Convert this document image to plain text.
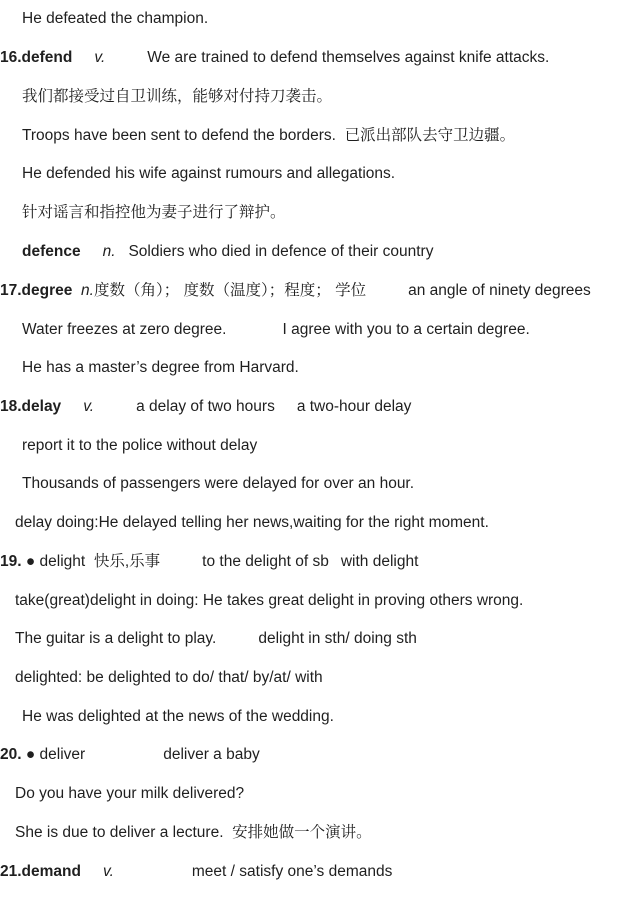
He defeated the champion.
16.defend v.	We are trained to defend themselves against knife attacks.
我们都接受过自卫训练，能够对付持刀袭击。
Troops have been sent to defend the borders. 已派出部队去守卫边疆。
He defended his wife against rumours and allegations.
针对谣言和指控他为妻子进行了辩护。
defence n. Soldiers who died in defence of their country
17.degree n.度数（角）； 度数（温度）；程度； 学位	an angle of ninety degrees
Water freezes at zero degree.	I agree with you to a certain degree.
He has a master’s degree from Harvard.
18.delay v.	a delay of two hours a two-hour delay
report it to the police without delay
Thousands of passengers were delayed for over an hour.
delay doing:He delayed telling her news,waiting for the right moment.
19. ● delight 快乐,乐事	to the delight of sb with delight
take(great)delight in doing: He takes great delight in proving others wrong.
The guitar is a delight to play.	delight in sth/ doing sth
delighted: be delighted to do/ that/ by/at/ with
He was delighted at the news of the wedding.
20. ● deliver	deliver a baby
Do you have your milk delivered?
She is due to deliver a lecture. 安排她做一个演讲。
21.demand v.	meet / satisfy one’s demands
